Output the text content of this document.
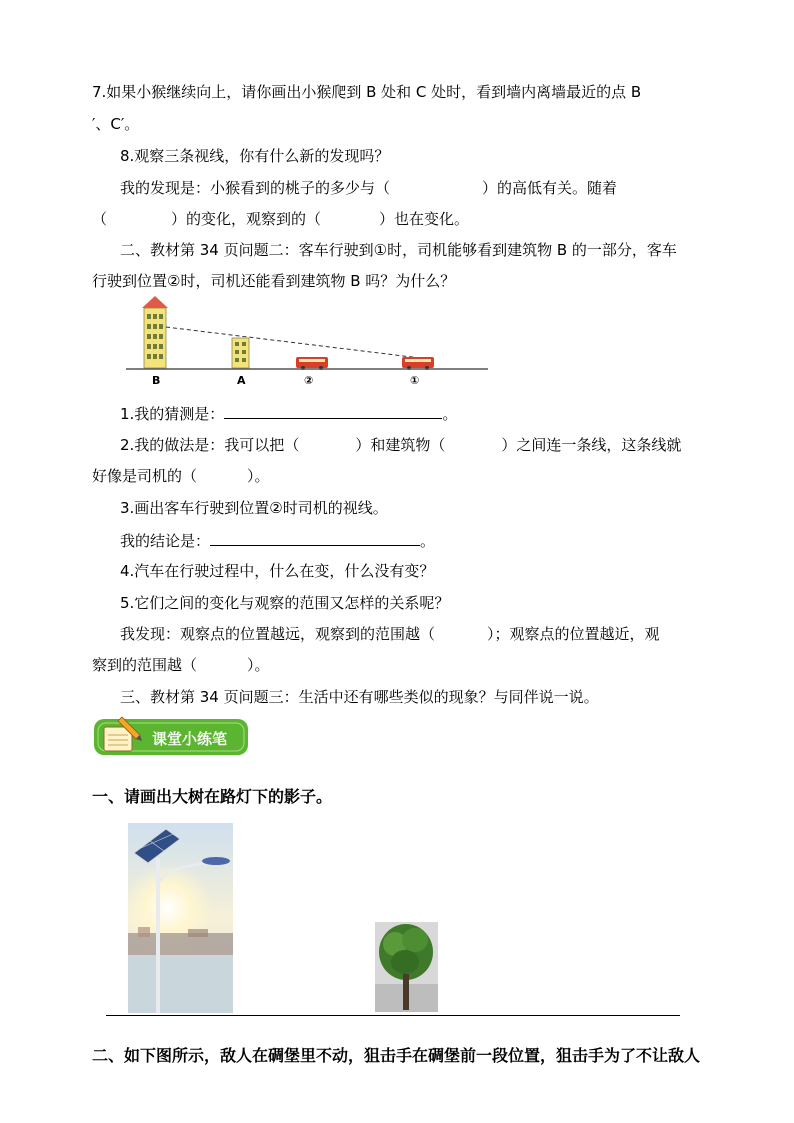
7.如果小猴继续向上，请你画出小猴爬到 B 处和 C 处时，看到墙内离墙最近的点 B
′、C′。
8.观察三条视线，你有什么新的发现吗？
我的发现是：小猴看到的桃子的多少与（	）的高低有关。随着
（	）的变化，观察到的（	）也在变化。
二、教材第 34 页问题二：客车行驶到①时，司机能够看到建筑物 B 的一部分，客车
行驶到位置②时，司机还能看到建筑物 B 吗？为什么？
B	A	②	①
1.我的猜测是：	。
2.我的做法是：我可以把（	）和建筑物（	）之间连一条线，这条线就
好像是司机的（	）。
3.画出客车行驶到位置②时司机的视线。
我的结论是：	。
4.汽车在行驶过程中，什么在变，什么没有变？
5.它们之间的变化与观察的范围又怎样的关系呢？
我发现：观察点的位置越远，观察到的范围越（	）；观察点的位置越近，观
察到的范围越（	）。
三、教材第 34 页问题三：生活中还有哪些类似的现象？与同伴说一说。
课堂小练笔
一、请画出大树在路灯下的影子。
二、如下图所示，敌人在碉堡里不动，狙击手在碉堡前一段位置，狙击手为了不让敌人
